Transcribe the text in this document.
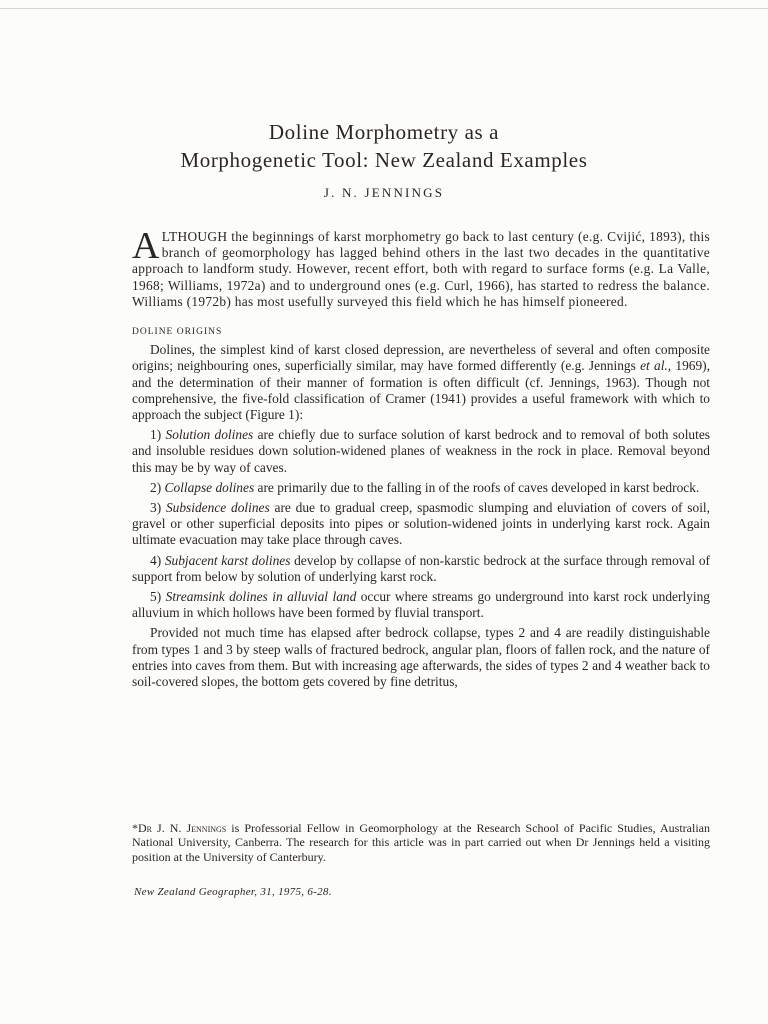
Doline Morphometry as a
Morphogenetic Tool: New Zealand Examples
J. N. JENNINGS

ALTHOUGH the beginnings of karst morphometry go back to last century (e.g. Cvijić, 1893), this branch of geomorphology has lagged behind others in the last two decades in the quantitative approach to landform study. However, recent effort, both with regard to surface forms (e.g. La Valle, 1968; Williams, 1972a) and to underground ones (e.g. Curl, 1966), has started to redress the balance. Williams (1972b) has most usefully surveyed this field which he has himself pioneered.

DOLINE ORIGINS

Dolines, the simplest kind of karst closed depression, are nevertheless of several and often composite origins; neighbouring ones, superficially similar, may have formed differently (e.g. Jennings et al., 1969), and the determination of their manner of formation is often difficult (cf. Jennings, 1963). Though not comprehensive, the five-fold classification of Cramer (1941) provides a useful framework with which to approach the subject (Figure 1):

1) Solution dolines are chiefly due to surface solution of karst bedrock and to removal of both solutes and insoluble residues down solution-widened planes of weakness in the rock in place. Removal beyond this may be by way of caves.

2) Collapse dolines are primarily due to the falling in of the roofs of caves developed in karst bedrock.

3) Subsidence dolines are due to gradual creep, spasmodic slumping and eluviation of covers of soil, gravel or other superficial deposits into pipes or solution-widened joints in underlying karst rock. Again ultimate evacuation may take place through caves.

4) Subjacent karst dolines develop by collapse of non-karstic bedrock at the surface through removal of support from below by solution of underlying karst rock.

5) Streamsink dolines in alluvial land occur where streams go underground into karst rock underlying alluvium in which hollows have been formed by fluvial transport.

Provided not much time has elapsed after bedrock collapse, types 2 and 4 are readily distinguishable from types 1 and 3 by steep walls of fractured bedrock, angular plan, floors of fallen rock, and the nature of entries into caves from them. But with increasing age afterwards, the sides of types 2 and 4 weather back to soil-covered slopes, the bottom gets covered by fine detritus,

*Dr J. N. Jennings is Professorial Fellow in Geomorphology at the Research School of Pacific Studies, Australian National University, Canberra. The research for this article was in part carried out when Dr Jennings held a visiting position at the University of Canterbury.

New Zealand Geographer, 31, 1975, 6-28.
